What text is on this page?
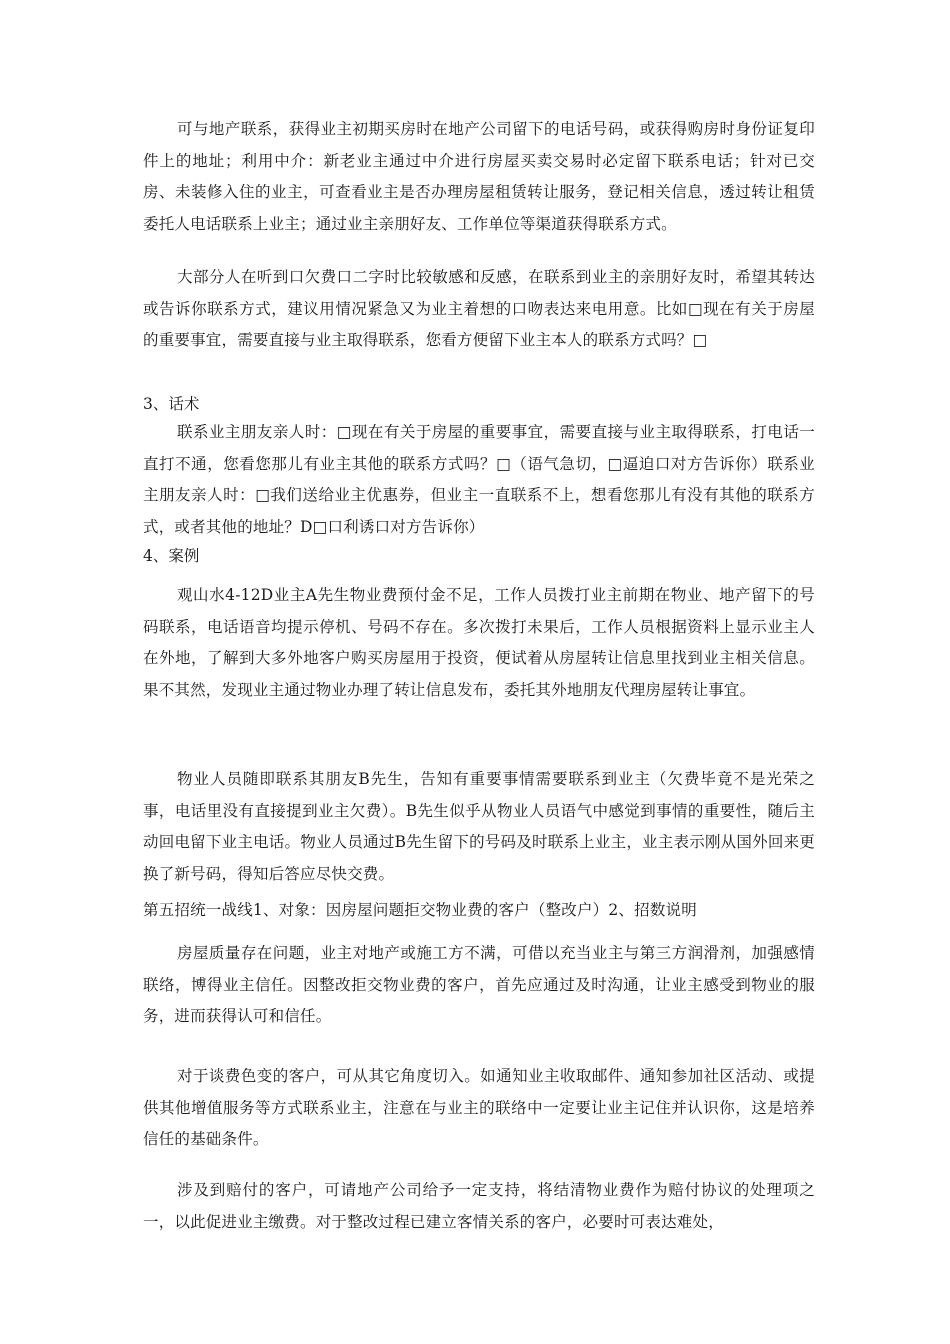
可与地产联系，获得业主初期买房时在地产公司留下的电话号码，或获得购房时身份证复印件上的地址；利用中介：新老业主通过中介进行房屋买卖交易时必定留下联系电话；针对已交房、未装修入住的业主，可查看业主是否办理房屋租赁转让服务，登记相关信息，透过转让租赁委托人电话联系上业主；通过业主亲朋好友、工作单位等渠道获得联系方式。

大部分人在听到口欠费口二字时比较敏感和反感，在联系到业主的亲朋好友时，希望其转达或告诉你联系方式，建议用情况紧急又为业主着想的口吻表达来电用意。比如□现在有关于房屋的重要事宜，需要直接与业主取得联系，您看方便留下业主本人的联系方式吗？□

3、话术

联系业主朋友亲人时：□现在有关于房屋的重要事宜，需要直接与业主取得联系，打电话一直打不通，您看您那儿有业主其他的联系方式吗？□（语气急切，□逼迫口对方告诉你）联系业主朋友亲人时：□我们送给业主优惠券，但业主一直联系不上，想看您那儿有没有其他的联系方式，或者其他的地址？D□口利诱口对方告诉你）

4、案例

观山水4-12D业主A先生物业费预付金不足，工作人员拨打业主前期在物业、地产留下的号码联系，电话语音均提示停机、号码不存在。多次拨打未果后，工作人员根据资料上显示业主人在外地，了解到大多外地客户购买房屋用于投资，便试着从房屋转让信息里找到业主相关信息。果不其然，发现业主通过物业办理了转让信息发布，委托其外地朋友代理房屋转让事宜。

物业人员随即联系其朋友B先生，告知有重要事情需要联系到业主（欠费毕竟不是光荣之事，电话里没有直接提到业主欠费）。B先生似乎从物业人员语气中感觉到事情的重要性，随后主动回电留下业主电话。物业人员通过B先生留下的号码及时联系上业主，业主表示刚从国外回来更换了新号码，得知后答应尽快交费。

第五招统一战线1、对象：因房屋问题拒交物业费的客户（整改户）2、招数说明

房屋质量存在问题，业主对地产或施工方不满，可借以充当业主与第三方润滑剂，加强感情联络，博得业主信任。因整改拒交物业费的客户，首先应通过及时沟通，让业主感受到物业的服务，进而获得认可和信任。

对于谈费色变的客户，可从其它角度切入。如通知业主收取邮件、通知参加社区活动、或提供其他增值服务等方式联系业主，注意在与业主的联络中一定要让业主记住并认识你，这是培养信任的基础条件。

涉及到赔付的客户，可请地产公司给予一定支持，将结清物业费作为赔付协议的处理项之一，以此促进业主缴费。对于整改过程已建立客情关系的客户，必要时可表达难处，
